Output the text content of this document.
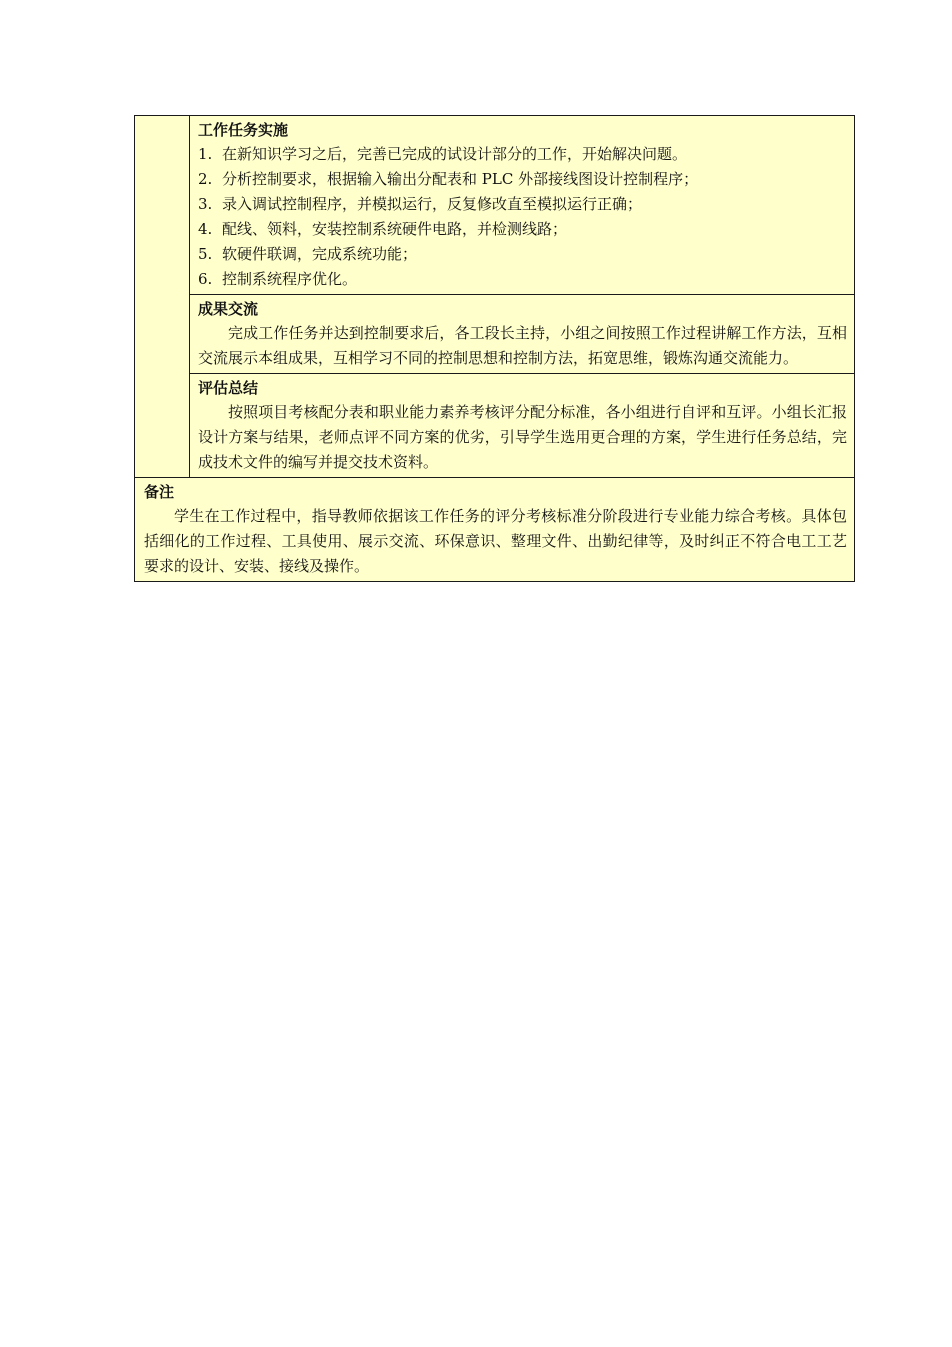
工作任务实施
1. 在新知识学习之后，完善已完成的试设计部分的工作，开始解决问题。
2. 分析控制要求，根据输入输出分配表和 PLC 外部接线图设计控制程序；
3. 录入调试控制程序，并模拟运行，反复修改直至模拟运行正确；
4. 配线、领料，安装控制系统硬件电路，并检测线路；
5. 软硬件联调，完成系统功能；
6. 控制系统程序优化。

成果交流

完成工作任务并达到控制要求后，各工段长主持，小组之间按照工作过程讲解工作方法，互相交流展示本组成果，互相学习不同的控制思想和控制方法，拓宽思维，锻炼沟通交流能力。

评估总结

按照项目考核配分表和职业能力素养考核评分配分标准，各小组进行自评和互评。小组长汇报设计方案与结果，老师点评不同方案的优劣，引导学生选用更合理的方案，学生进行任务总结，完成技术文件的编写并提交技术资料。

备注

学生在工作过程中，指导教师依据该工作任务的评分考核标准分阶段进行专业能力综合考核。具体包括细化的工作过程、工具使用、展示交流、环保意识、整理文件、出勤纪律等，及时纠正不符合电工工艺要求的设计、安装、接线及操作。
